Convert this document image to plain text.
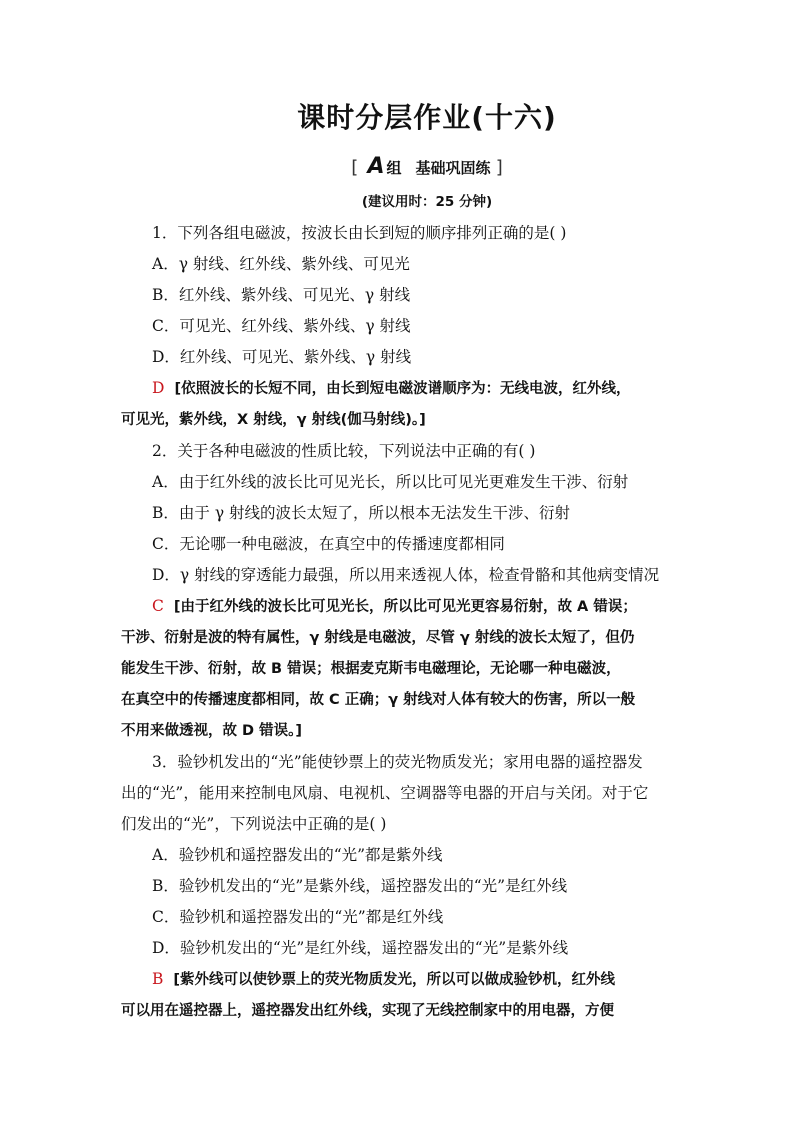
课时分层作业(十六)
[ A 组 基础巩固练 ]
(建议用时：25 分钟)
1．下列各组电磁波，按波长由长到短的顺序排列正确的是( )
A．γ 射线、红外线、紫外线、可见光
B．红外线、紫外线、可见光、γ 射线
C．可见光、红外线、紫外线、γ 射线
D．红外线、可见光、紫外线、γ 射线
D [依照波长的长短不同，由长到短电磁波谱顺序为：无线电波，红外线，
可见光，紫外线，X 射线，γ 射线(伽马射线)。]
2．关于各种电磁波的性质比较，下列说法中正确的有( )
A．由于红外线的波长比可见光长，所以比可见光更难发生干涉、衍射
B．由于 γ 射线的波长太短了，所以根本无法发生干涉、衍射
C．无论哪一种电磁波，在真空中的传播速度都相同
D．γ 射线的穿透能力最强，所以用来透视人体，检查骨骼和其他病变情况
C [由于红外线的波长比可见光长，所以比可见光更容易衍射，故 A 错误；
干涉、衍射是波的特有属性，γ 射线是电磁波，尽管 γ 射线的波长太短了，但仍
能发生干涉、衍射，故 B 错误；根据麦克斯韦电磁理论，无论哪一种电磁波，
在真空中的传播速度都相同，故 C 正确；γ 射线对人体有较大的伤害，所以一般
不用来做透视，故 D 错误。]
3．验钞机发出的“光”能使钞票上的荧光物质发光；家用电器的遥控器发
出的“光”，能用来控制电风扇、电视机、空调器等电器的开启与关闭。对于它
们发出的“光”，下列说法中正确的是( )
A．验钞机和遥控器发出的“光”都是紫外线
B．验钞机发出的“光”是紫外线，遥控器发出的“光”是红外线
C．验钞机和遥控器发出的“光”都是红外线
D．验钞机发出的“光”是红外线，遥控器发出的“光”是紫外线
B [紫外线可以使钞票上的荧光物质发光，所以可以做成验钞机，红外线
可以用在遥控器上，遥控器发出红外线，实现了无线控制家中的用电器，方便
